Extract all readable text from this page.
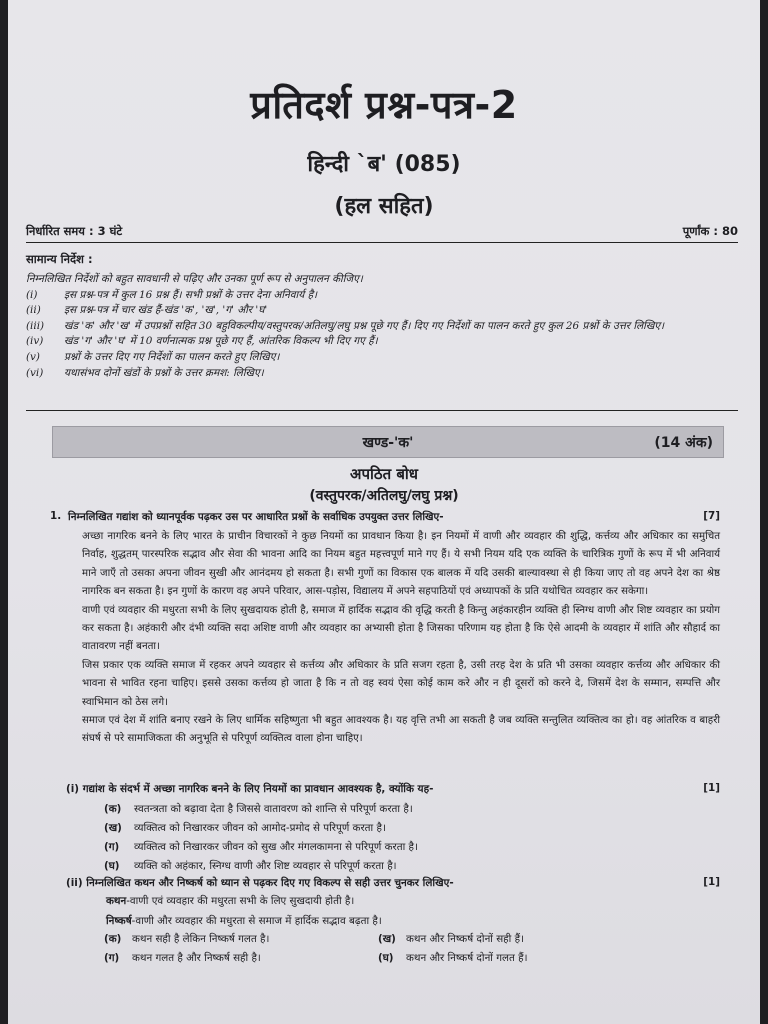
प्रतिदर्श प्रश्न-पत्र-2
हिन्दी `ब' (085)
(हल सहित)
निर्धारित समय : 3 घंटे	पूर्णांक : 80
सामान्य निर्देश :
निम्नलिखित निर्देशों को बहुत सावधानी से पढ़िए और उनका पूर्ण रूप से अनुपालन कीजिए।
(i)	इस प्रश्न-पत्र में कुल 16 प्रश्न हैं। सभी प्रश्नों के उत्तर देना अनिवार्य है।
(ii)	इस प्रश्न-पत्र में चार खंड हैं-खंड 'क', 'ख', 'ग' और 'घ'
(iii)	खंड 'क' और 'ख' में उपप्रश्नों सहित 30 बहुविकल्पीय/वस्तुपरक/अतिलघु/लघु प्रश्न पूछे गए हैं। दिए गए निर्देशों का पालन करते हुए कुल 26 प्रश्नों के उत्तर लिखिए।
(iv)	खंड 'ग' और 'घ' में 10 वर्णनात्मक प्रश्न पूछे गए हैं, आंतरिक विकल्प भी दिए गए हैं।
(v)	प्रश्नों के उत्तर दिए गए निर्देशों का पालन करते हुए लिखिए।
(vi)	यथासंभव दोनों खंडों के प्रश्नों के उत्तर क्रमश: लिखिए।
खण्ड-'क'	(14 अंक)
अपठित बोध
(वस्तुपरक/अतिलघु/लघु प्रश्न)
1. निम्नलिखित गद्यांश को ध्यानपूर्वक पढ़कर उस पर आधारित प्रश्नों के सर्वाधिक उपयुक्त उत्तर लिखिए-	[7]

अच्छा नागरिक बनने के लिए भारत के प्राचीन विचारकों ने कुछ नियमों का प्रावधान किया है। इन नियमों में वाणी और व्यवहार की शुद्धि, कर्त्तव्य और अधिकार का समुचित निर्वाह, शुद्धतम् पारस्परिक सद्भाव और सेवा की भावना आदि का नियम बहुत महत्त्वपूर्ण माने गए हैं। ये सभी नियम यदि एक व्यक्ति के चारित्रिक गुणों के रूप में भी अनिवार्य माने जाएँ तो उसका अपना जीवन सुखी और आनंदमय हो सकता है। सभी गुणों का विकास एक बालक में यदि उसकी बाल्यावस्था से ही किया जाए तो वह अपने देश का श्रेष्ठ नागरिक बन सकता है। इन गुणों के कारण वह अपने परिवार, आस-पड़ोस, विद्यालय में अपने सहपाठियों एवं अध्यापकों के प्रति यथोचित व्यवहार कर सकेगा।

वाणी एवं व्यवहार की मधुरता सभी के लिए सुखदायक होती है, समाज में हार्दिक सद्भाव की वृद्धि करती है किन्तु अहंकारहीन व्यक्ति ही स्निग्ध वाणी और शिष्ट व्यवहार का प्रयोग कर सकता है। अहंकारी और दंभी व्यक्ति सदा अशिष्ट वाणी और व्यवहार का अभ्यासी होता है जिसका परिणाम यह होता है कि ऐसे आदमी के व्यवहार में शांति और सौहार्द का वातावरण नहीं बनता।

जिस प्रकार एक व्यक्ति समाज में रहकर अपने व्यवहार से कर्त्तव्य और अधिकार के प्रति सजग रहता है, उसी तरह देश के प्रति भी उसका व्यवहार कर्त्तव्य और अधिकार की भावना से भावित रहना चाहिए। इससे उसका कर्त्तव्य हो जाता है कि न तो वह स्वयं ऐसा कोई काम करे और न ही दूसरों को करने दे, जिसमें देश के सम्मान, सम्पत्ति और स्वाभिमान को ठेस लगे।

समाज एवं देश में शांति बनाए रखने के लिए धार्मिक सहिष्णुता भी बहुत आवश्यक है। यह वृत्ति तभी आ सकती है जब व्यक्ति सन्तुलित व्यक्तित्व का हो। वह आंतरिक व बाहरी संघर्ष से परे सामाजिकता की अनुभूति से परिपूर्ण व्यक्तित्व वाला होना चाहिए।

(i) गद्यांश के संदर्भ में अच्छा नागरिक बनने के लिए नियमों का प्रावधान आवश्यक है, क्योंकि यह-	[1]
(क) स्वतन्त्रता को बढ़ावा देता है जिससे वातावरण को शान्ति से परिपूर्ण करता है।
(ख) व्यक्तित्व को निखारकर जीवन को आमोद-प्रमोद से परिपूर्ण करता है।
(ग) व्यक्तित्व को निखारकर जीवन को सुख और मंगलकामना से परिपूर्ण करता है।
(घ) व्यक्ति को अहंकार, स्निग्ध वाणी और शिष्ट व्यवहार से परिपूर्ण करता है।
(ii) निम्नलिखित कथन और निष्कर्ष को ध्यान से पढ़कर दिए गए विकल्प से सही उत्तर चुनकर लिखिए-	[1]
कथन-वाणी एवं व्यवहार की मधुरता सभी के लिए सुखदायी होती है।
निष्कर्ष-वाणी और व्यवहार की मधुरता से समाज में हार्दिक सद्भाव बढ़ता है।
(क) कथन सही है लेकिन निष्कर्ष गलत है।	(ख) कथन और निष्कर्ष दोनों सही हैं।
(ग) कथन गलत है और निष्कर्ष सही है।	(घ) कथन और निष्कर्ष दोनों गलत हैं।
